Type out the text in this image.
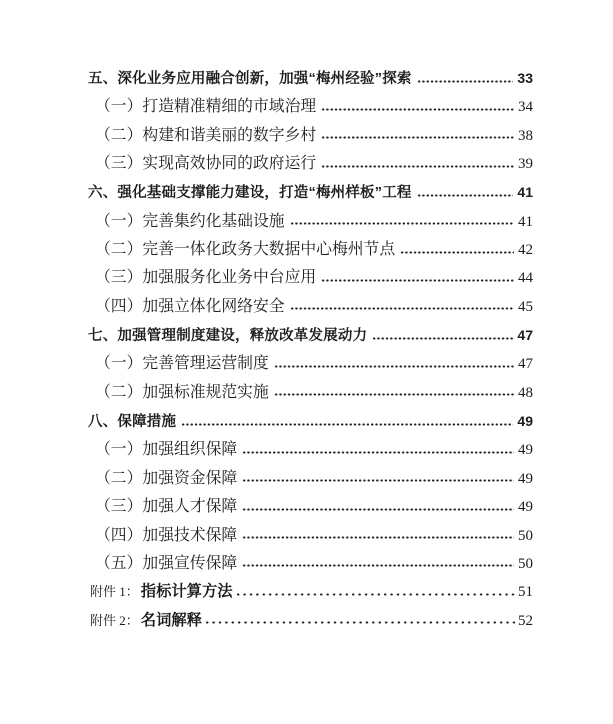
五、深化业务应用融合创新，加强“梅州经验”探索	33
（一）打造精准精细的市域治理	34
（二）构建和谐美丽的数字乡村	38
（三）实现高效协同的政府运行	39
六、强化基础支撑能力建设，打造“梅州样板”工程	41
（一）完善集约化基础设施	41
（二）完善一体化政务大数据中心梅州节点	42
（三）加强服务化业务中台应用	44
（四）加强立体化网络安全	45
七、加强管理制度建设，释放改革发展动力	47
（一）完善管理运营制度	47
（二）加强标准规范实施	48
八、保障措施	49
（一）加强组织保障	49
（二）加强资金保障	49
（三）加强人才保障	49
（四）加强技术保障	50
（五）加强宣传保障	50
附件 1： 指标计算方法	51
附件 2： 名词解释	52
